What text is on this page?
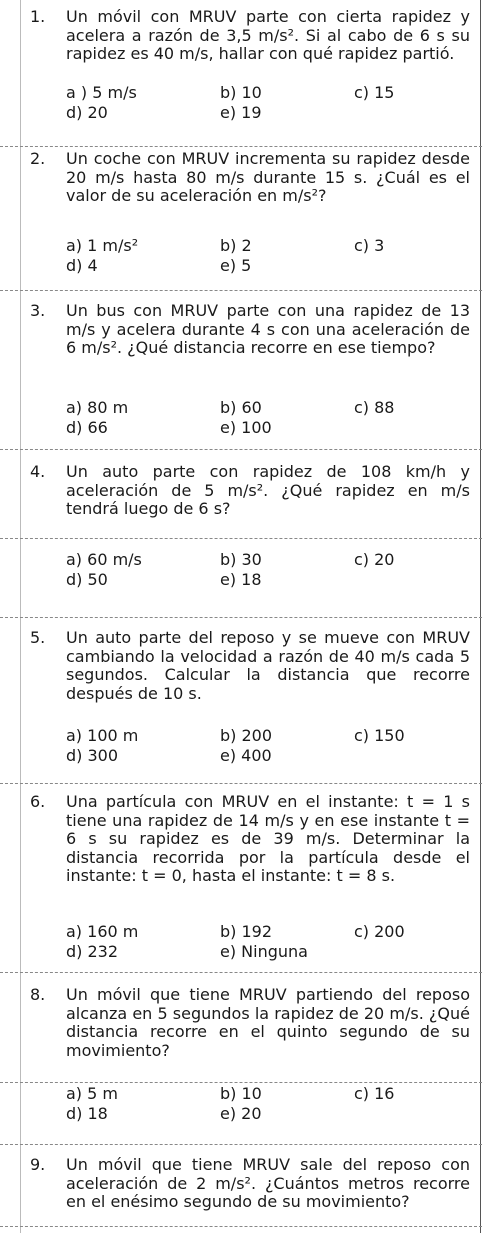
1.	Un móvil con MRUV parte con cierta rapidez y acelera a razón de 3,5 m/s². Si al cabo de 6 s su rapidez es 40 m/s, hallar con qué rapidez partió.
a ) 5 m/s	b) 10	c) 15
d) 20	e) 19
2.	Un coche con MRUV incrementa su rapidez desde 20 m/s hasta 80 m/s durante 15 s. ¿Cuál es el valor de su aceleración en m/s²?
a) 1 m/s²	b) 2	c) 3
d) 4	e) 5
3.	Un bus con MRUV parte con una rapidez de 13 m/s y acelera durante 4 s con una aceleración de 6 m/s². ¿Qué distancia recorre en ese tiempo?
a) 80 m	b) 60	c) 88
d) 66	e) 100
4.	Un auto parte con rapidez de 108 km/h y aceleración de 5 m/s². ¿Qué rapidez en m/s tendrá luego de 6 s?
a) 60 m/s	b) 30	c) 20
d) 50	e) 18
5.	Un auto parte del reposo y se mueve con MRUV cambiando la velocidad a razón de 40 m/s cada 5 segundos. Calcular la distancia que recorre después de 10 s.
a) 100 m	b) 200	c) 150
d) 300	e) 400
6.	Una partícula con MRUV en el instante: t = 1 s tiene una rapidez de 14 m/s y en ese instante t = 6 s su rapidez es de 39 m/s. Determinar la distancia recorrida por la partícula desde el instante: t = 0, hasta el instante: t = 8 s.
a) 160 m	b) 192	c) 200
d) 232	e) Ninguna
8.	Un móvil que tiene MRUV partiendo del reposo alcanza en 5 segundos la rapidez de 20 m/s. ¿Qué distancia recorre en el quinto segundo de su movimiento?
a) 5 m	b) 10	c) 16
d) 18	e) 20
9.	Un móvil que tiene MRUV sale del reposo con aceleración de 2 m/s². ¿Cuántos metros recorre en el enésimo segundo de su movimiento?
